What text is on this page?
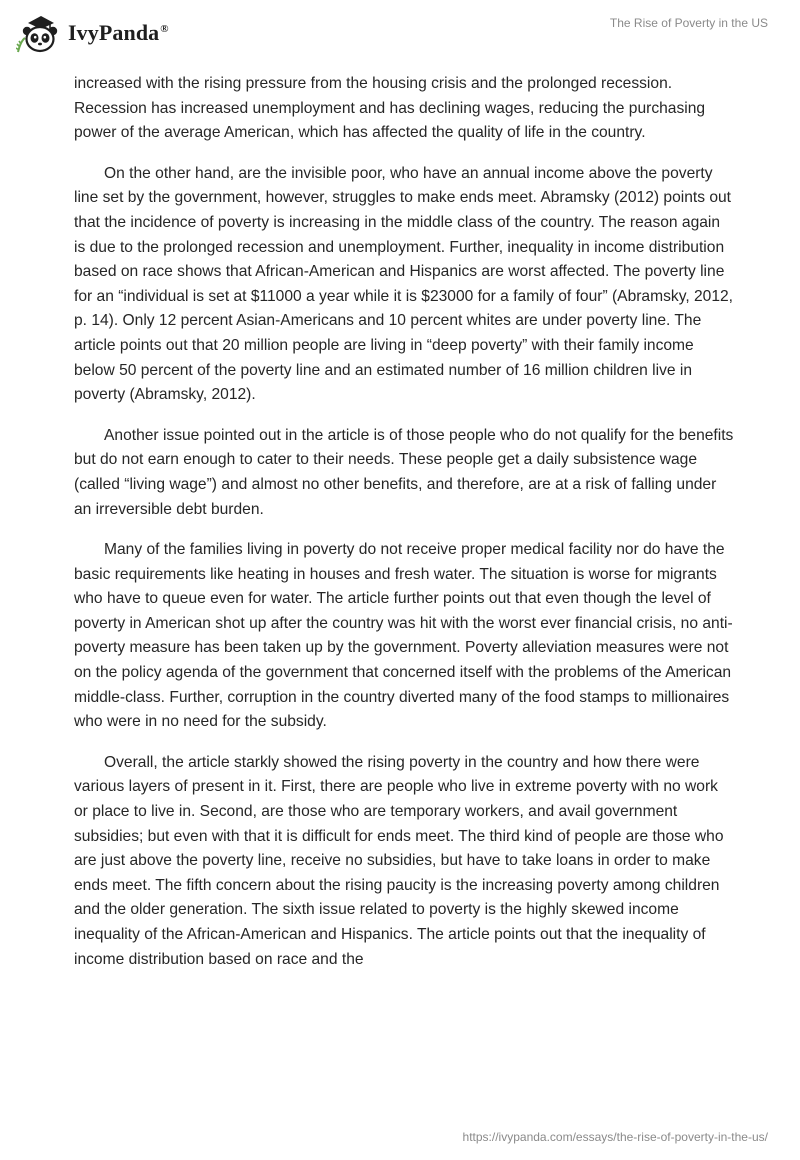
IvyPanda®	The Rise of Poverty in the US

increased with the rising pressure from the housing crisis and the prolonged recession. Recession has increased unemployment and has declining wages, reducing the purchasing power of the average American, which has affected the quality of life in the country.

On the other hand, are the invisible poor, who have an annual income above the poverty line set by the government, however, struggles to make ends meet. Abramsky (2012) points out that the incidence of poverty is increasing in the middle class of the country. The reason again is due to the prolonged recession and unemployment. Further, inequality in income distribution based on race shows that African-American and Hispanics are worst affected. The poverty line for an “individual is set at $11000 a year while it is $23000 for a family of four” (Abramsky, 2012, p. 14). Only 12 percent Asian-Americans and 10 percent whites are under poverty line. The article points out that 20 million people are living in “deep poverty” with their family income below 50 percent of the poverty line and an estimated number of 16 million children live in poverty (Abramsky, 2012).

Another issue pointed out in the article is of those people who do not qualify for the benefits but do not earn enough to cater to their needs. These people get a daily subsistence wage (called “living wage”) and almost no other benefits, and therefore, are at a risk of falling under an irreversible debt burden.

Many of the families living in poverty do not receive proper medical facility nor do have the basic requirements like heating in houses and fresh water. The situation is worse for migrants who have to queue even for water. The article further points out that even though the level of poverty in American shot up after the country was hit with the worst ever financial crisis, no anti-poverty measure has been taken up by the government. Poverty alleviation measures were not on the policy agenda of the government that concerned itself with the problems of the American middle-class. Further, corruption in the country diverted many of the food stamps to millionaires who were in no need for the subsidy.

Overall, the article starkly showed the rising poverty in the country and how there were various layers of present in it. First, there are people who live in extreme poverty with no work or place to live in. Second, are those who are temporary workers, and avail government subsidies; but even with that it is difficult for ends meet. The third kind of people are those who are just above the poverty line, receive no subsidies, but have to take loans in order to make ends meet. The fifth concern about the rising paucity is the increasing poverty among children and the older generation. The sixth issue related to poverty is the highly skewed income inequality of the African-American and Hispanics. The article points out that the inequality of income distribution based on race and the

https://ivypanda.com/essays/the-rise-of-poverty-in-the-us/
